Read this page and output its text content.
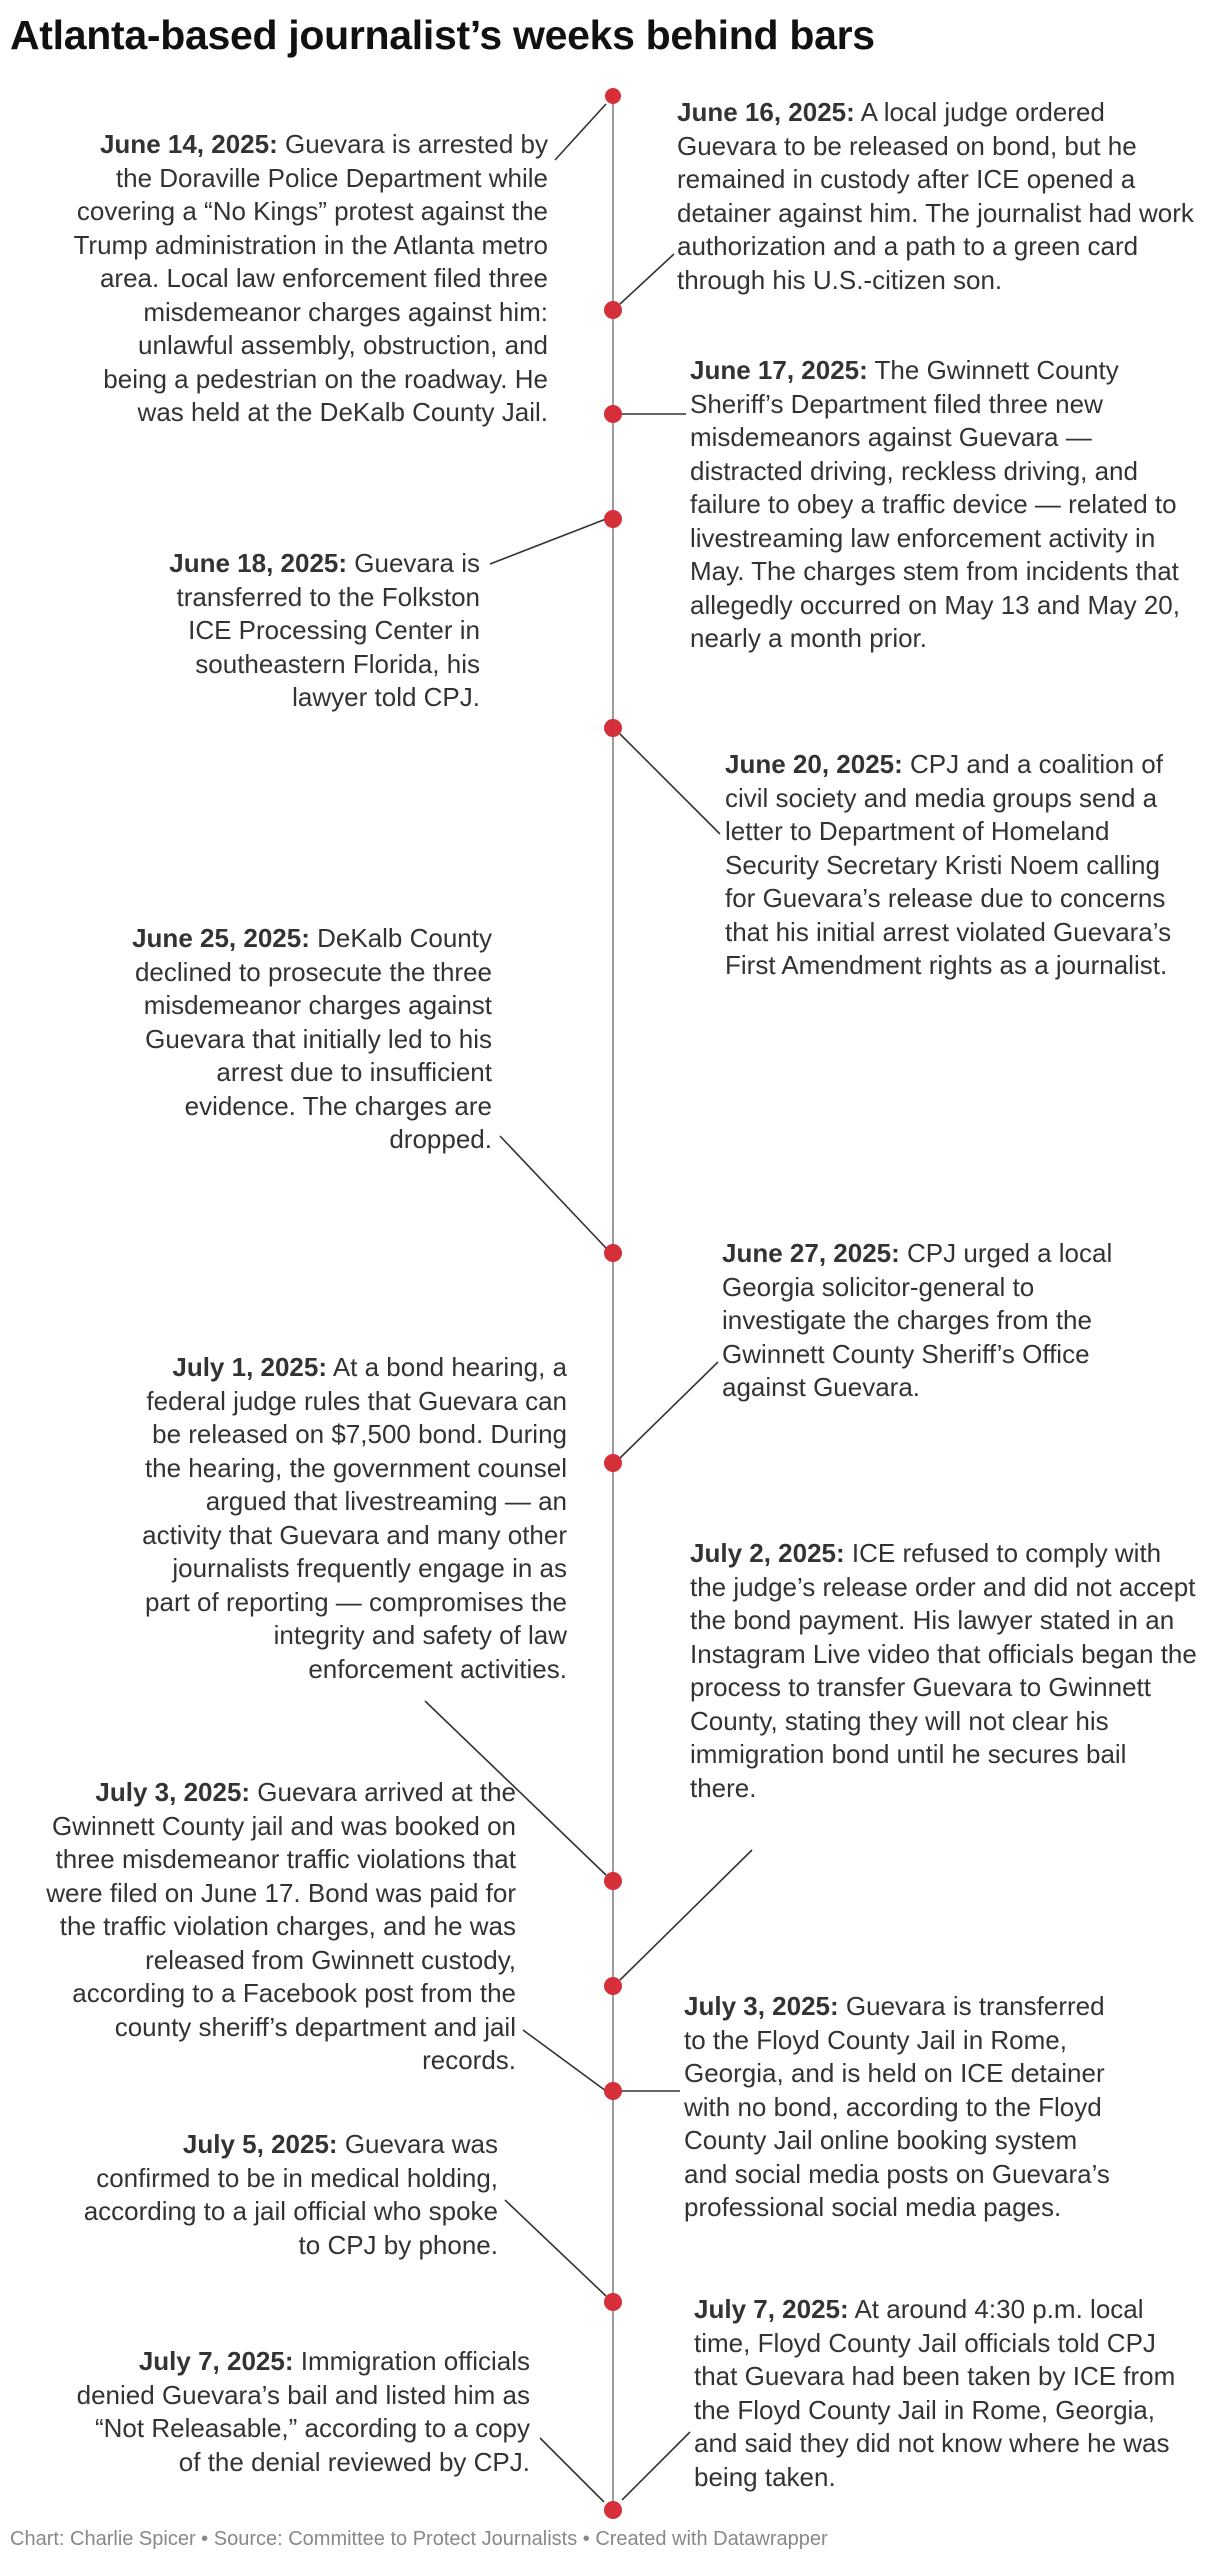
Atlanta-based journalist’s weeks behind bars

June 14, 2025: Guevara is arrested by the Doraville Police Department while covering a “No Kings” protest against the Trump administration in the Atlanta metro area. Local law enforcement filed three misdemeanor charges against him: unlawful assembly, obstruction, and being a pedestrian on the roadway. He was held at the DeKalb County Jail.

June 16, 2025: A local judge ordered Guevara to be released on bond, but he remained in custody after ICE opened a detainer against him. The journalist had work authorization and a path to a green card through his U.S.-citizen son.

June 17, 2025: The Gwinnett County Sheriff’s Department filed three new misdemeanors against Guevara — distracted driving, reckless driving, and failure to obey a traffic device — related to livestreaming law enforcement activity in May. The charges stem from incidents that allegedly occurred on May 13 and May 20, nearly a month prior.

June 18, 2025: Guevara is transferred to the Folkston ICE Processing Center in southeastern Florida, his lawyer told CPJ.

June 20, 2025: CPJ and a coalition of civil society and media groups send a letter to Department of Homeland Security Secretary Kristi Noem calling for Guevara’s release due to concerns that his initial arrest violated Guevara’s First Amendment rights as a journalist.

June 25, 2025: DeKalb County declined to prosecute the three misdemeanor charges against Guevara that initially led to his arrest due to insufficient evidence. The charges are dropped.

June 27, 2025: CPJ urged a local Georgia solicitor-general to investigate the charges from the Gwinnett County Sheriff’s Office against Guevara.

July 1, 2025: At a bond hearing, a federal judge rules that Guevara can be released on $7,500 bond. During the hearing, the government counsel argued that livestreaming — an activity that Guevara and many other journalists frequently engage in as part of reporting — compromises the integrity and safety of law enforcement activities.

July 2, 2025: ICE refused to comply with the judge’s release order and did not accept the bond payment. His lawyer stated in an Instagram Live video that officials began the process to transfer Guevara to Gwinnett County, stating they will not clear his immigration bond until he secures bail there.

July 3, 2025: Guevara arrived at the Gwinnett County jail and was booked on three misdemeanor traffic violations that were filed on June 17. Bond was paid for the traffic violation charges, and he was released from Gwinnett custody, according to a Facebook post from the county sheriff’s department and jail records.

July 3, 2025: Guevara is transferred to the Floyd County Jail in Rome, Georgia, and is held on ICE detainer with no bond, according to the Floyd County Jail online booking system and social media posts on Guevara’s professional social media pages.

July 5, 2025: Guevara was confirmed to be in medical holding, according to a jail official who spoke to CPJ by phone.

July 7, 2025: At around 4:30 p.m. local time, Floyd County Jail officials told CPJ that Guevara had been taken by ICE from the Floyd County Jail in Rome, Georgia, and said they did not know where he was being taken.

July 7, 2025: Immigration officials denied Guevara’s bail and listed him as “Not Releasable,” according to a copy of the denial reviewed by CPJ.

Chart: Charlie Spicer • Source: Committee to Protect Journalists • Created with Datawrapper
